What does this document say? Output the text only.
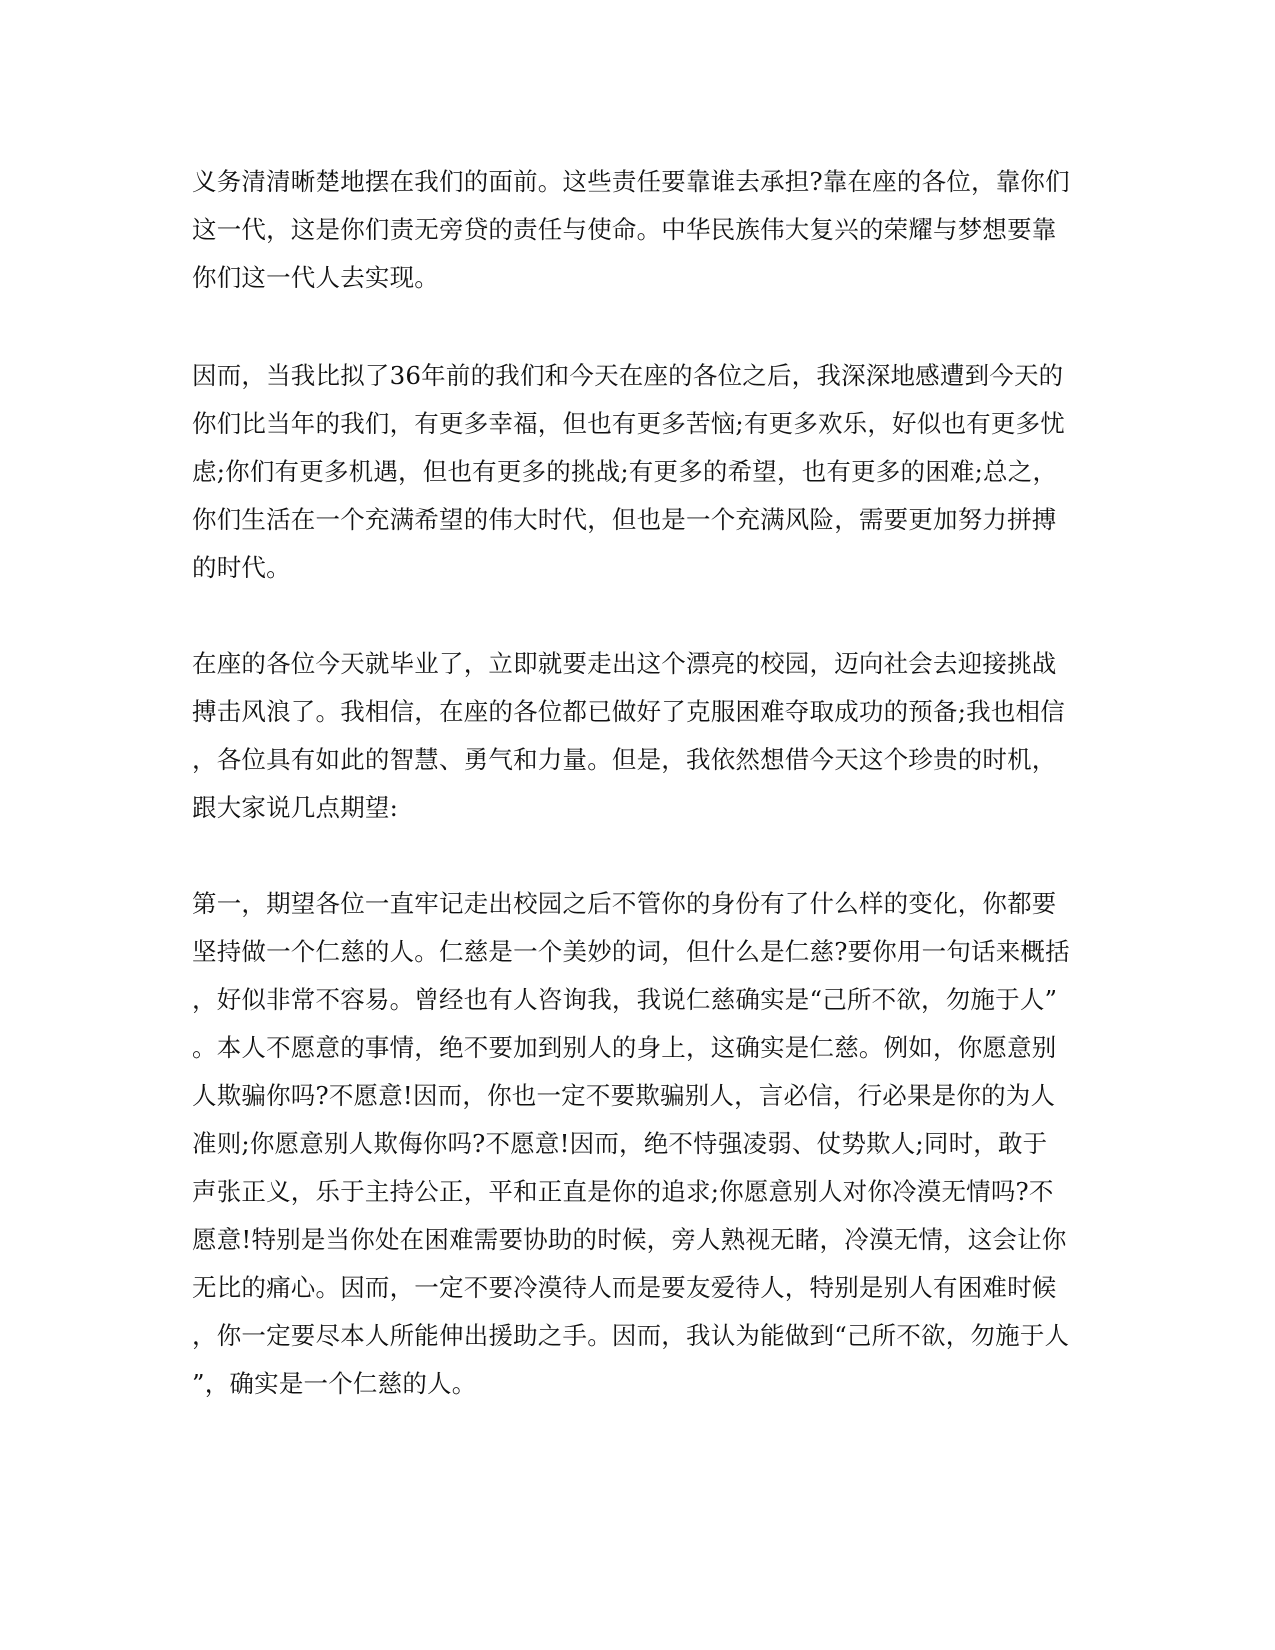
义务清清晰楚地摆在我们的面前。这些责任要靠谁去承担?靠在座的各位，靠你们
这一代，这是你们责无旁贷的责任与使命。中华民族伟大复兴的荣耀与梦想要靠
你们这一代人去实现。
因而，当我比拟了36年前的我们和今天在座的各位之后，我深深地感遭到今天的
你们比当年的我们，有更多幸福，但也有更多苦恼;有更多欢乐，好似也有更多忧
虑;你们有更多机遇，但也有更多的挑战;有更多的希望，也有更多的困难;总之，
你们生活在一个充满希望的伟大时代，但也是一个充满风险，需要更加努力拼搏
的时代。
在座的各位今天就毕业了，立即就要走出这个漂亮的校园，迈向社会去迎接挑战
搏击风浪了。我相信，在座的各位都已做好了克服困难夺取成功的预备;我也相信
，各位具有如此的智慧、勇气和力量。但是，我依然想借今天这个珍贵的时机，
跟大家说几点期望:
第一，期望各位一直牢记走出校园之后不管你的身份有了什么样的变化，你都要
坚持做一个仁慈的人。仁慈是一个美妙的词，但什么是仁慈?要你用一句话来概括
，好似非常不容易。曾经也有人咨询我，我说仁慈确实是“己所不欲，勿施于人”
。本人不愿意的事情，绝不要加到别人的身上，这确实是仁慈。例如，你愿意别
人欺骗你吗?不愿意!因而，你也一定不要欺骗别人，言必信，行必果是你的为人
准则;你愿意别人欺侮你吗?不愿意!因而，绝不恃强凌弱、仗势欺人;同时，敢于
声张正义，乐于主持公正，平和正直是你的追求;你愿意别人对你冷漠无情吗?不
愿意!特别是当你处在困难需要协助的时候，旁人熟视无睹，冷漠无情，这会让你
无比的痛心。因而，一定不要冷漠待人而是要友爱待人，特别是别人有困难时候
，你一定要尽本人所能伸出援助之手。因而，我认为能做到“己所不欲，勿施于人
”，确实是一个仁慈的人。
